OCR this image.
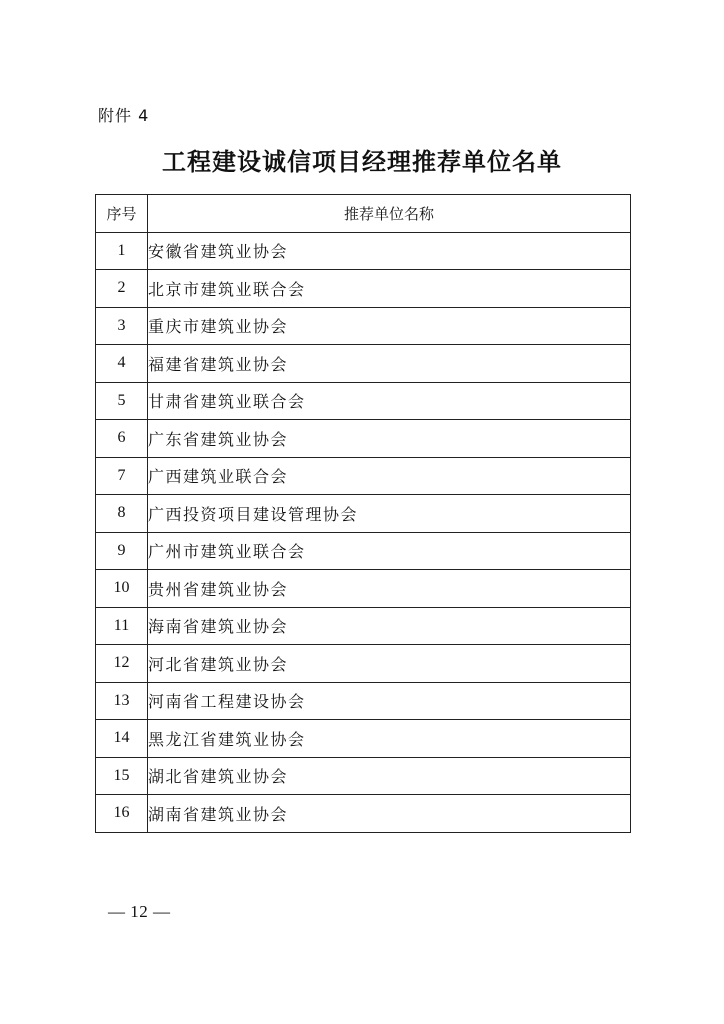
附件 4
工程建设诚信项目经理推荐单位名单
序号	推荐单位名称
1	安徽省建筑业协会
2	北京市建筑业联合会
3	重庆市建筑业协会
4	福建省建筑业协会
5	甘肃省建筑业联合会
6	广东省建筑业协会
7	广西建筑业联合会
8	广西投资项目建设管理协会
9	广州市建筑业联合会
10	贵州省建筑业协会
11	海南省建筑业协会
12	河北省建筑业协会
13	河南省工程建设协会
14	黑龙江省建筑业协会
15	湖北省建筑业协会
16	湖南省建筑业协会
— 12 —
